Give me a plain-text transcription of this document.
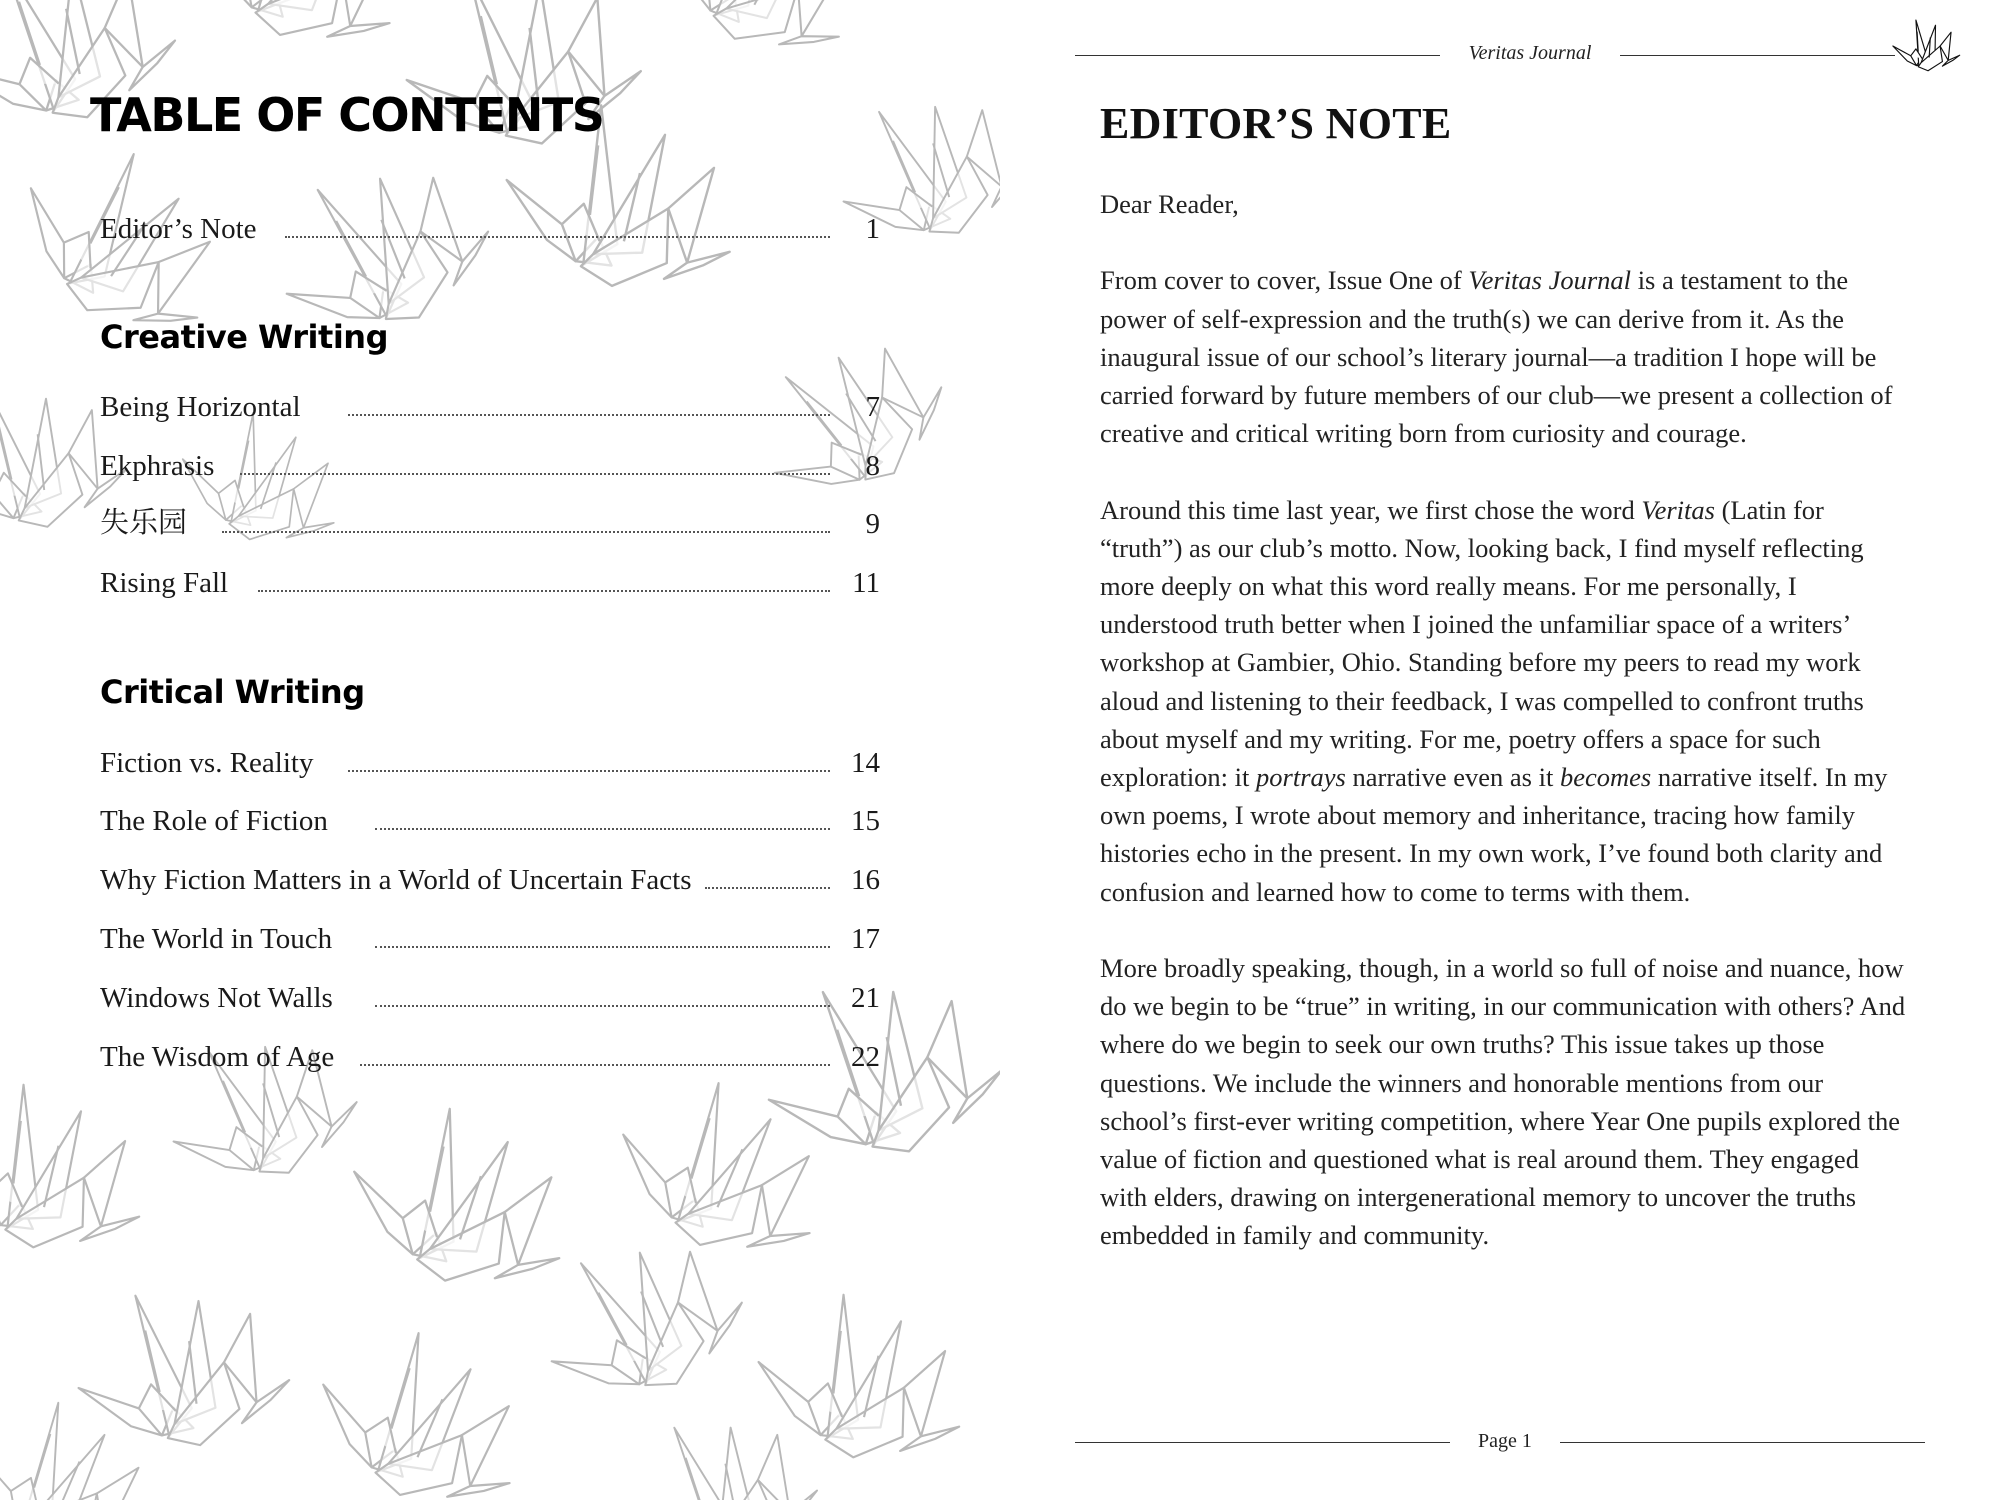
TABLE OF CONTENTS
Editor’s Note	1
Creative Writing
Being Horizontal	7
Ekphrasis	8
失乐园	9
Rising Fall	11
Critical Writing
Fiction vs. Reality	14
The Role of Fiction	15
Why Fiction Matters in a World of Uncertain Facts	16
The World in Touch	17
Windows Not Walls	21
The Wisdom of Age	22
Veritas Journal
EDITOR’S NOTE

Dear Reader,

From cover to cover, Issue One of Veritas Journal is a testament to the power of self-expression and the truth(s) we can derive from it. As the inaugural issue of our school’s literary journal—a tradition I hope will be carried forward by future members of our club—we present a collection of creative and critical writing born from curiosity and courage.

Around this time last year, we first chose the word Veritas (Latin for “truth”) as our club’s motto. Now, looking back, I find myself reflecting more deeply on what this word really means. For me personally, I understood truth better when I joined the unfamiliar space of a writers’ workshop at Gambier, Ohio. Standing before my peers to read my work aloud and listening to their feedback, I was compelled to confront truths about myself and my writing. For me, poetry offers a space for such exploration: it portrays narrative even as it becomes narrative itself. In my own poems, I wrote about memory and inheritance, tracing how family histories echo in the present. In my own work, I’ve found both clarity and confusion and learned how to come to terms with them.

More broadly speaking, though, in a world so full of noise and nuance, how do we begin to be “true” in writing, in our communication with others? And where do we begin to seek our own truths? This issue takes up those questions. We include the winners and honorable mentions from our school’s first-ever writing competition, where Year One pupils explored the value of fiction and questioned what is real around them. They engaged with elders, drawing on intergenerational memory to uncover the truths embedded in family and community.

Page 1
